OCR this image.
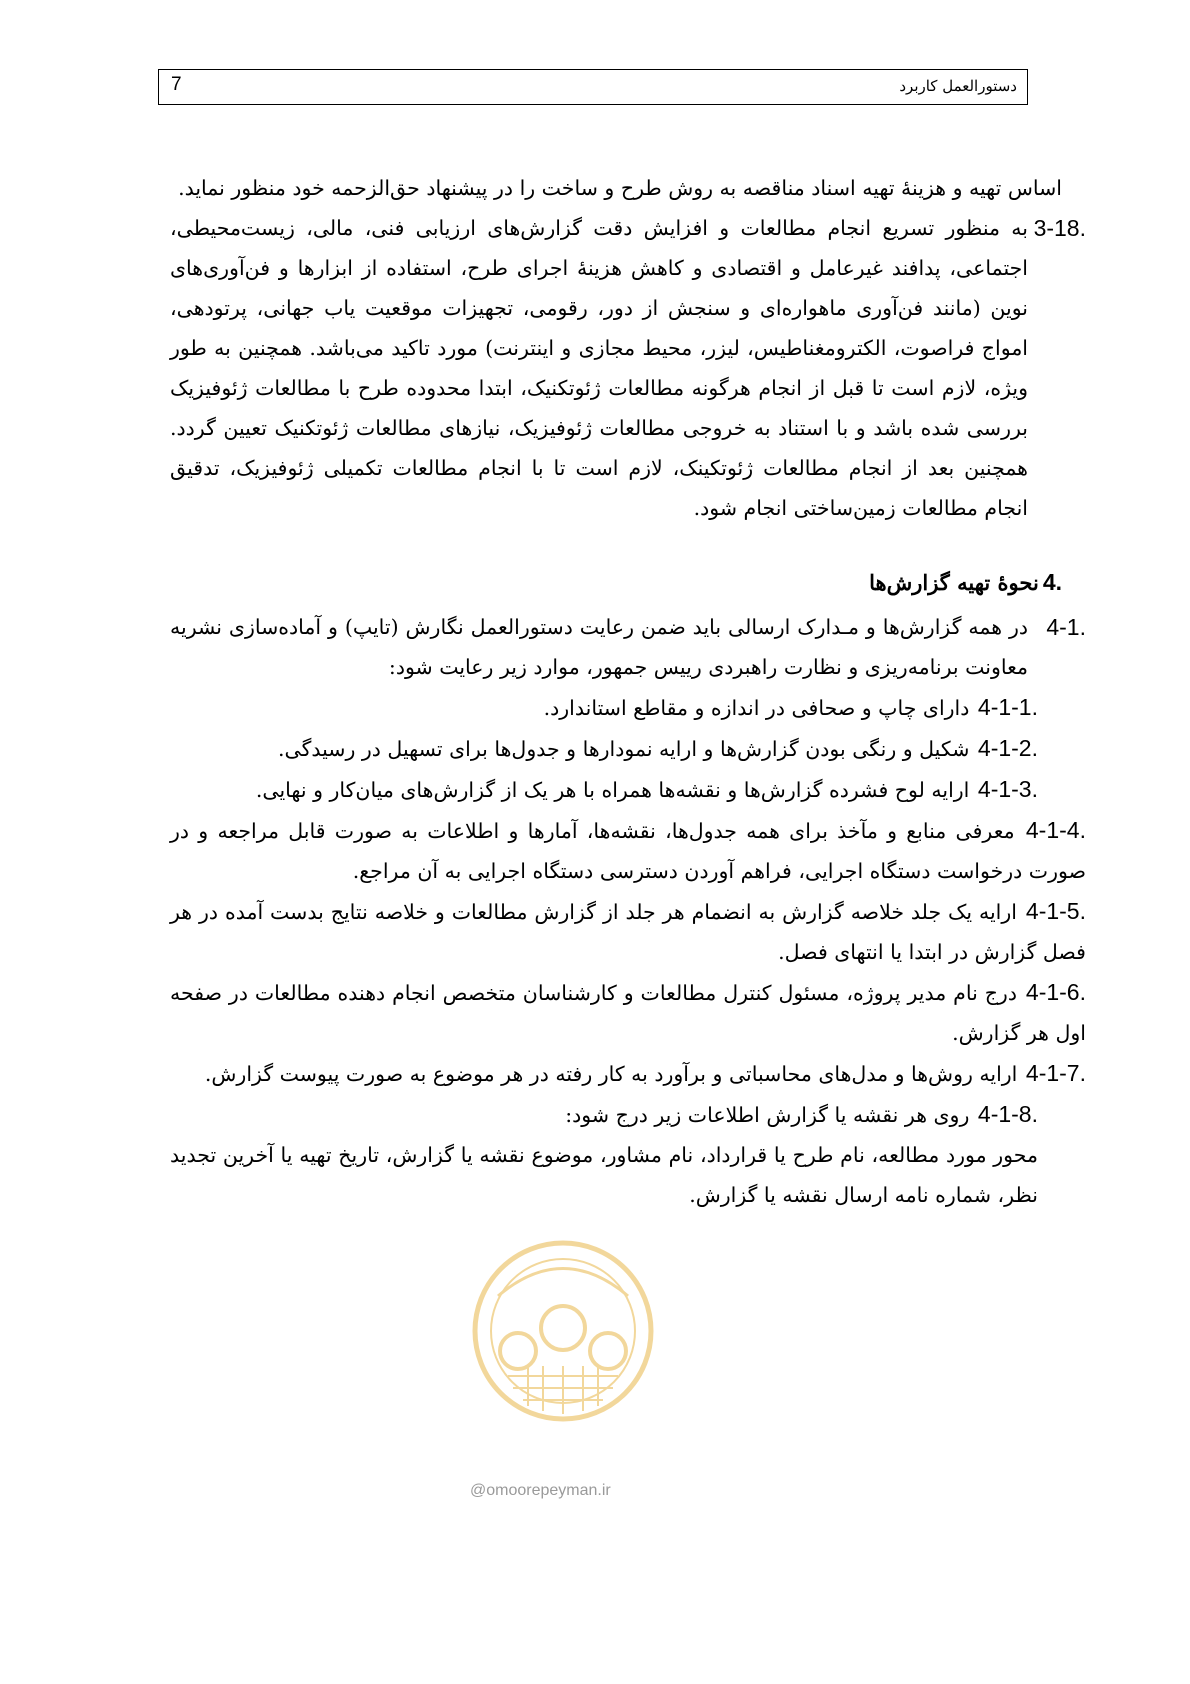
7	دستورالعمل کاربرد

اساس تهیه و هزینهٔ تهیه اسناد مناقصه به روش طرح و ساخت را در پیشنهاد حق‌الزحمه خود منظور نماید.

3-18.
به منظور تسریع انجام مطالعات و افزایش دقت گزارش‌های ارزیابی فنی، مالی، زیست‌محیطی، اجتماعی، پدافند غیرعامل و اقتصادی و کاهش هزینهٔ اجرای طرح، استفاده از ابزارها و فن‌آوری‌های نوین (مانند فن‌آوری ماهواره‌ای و سنجش از دور، رقومی، تجهیزات موقعیت یاب جهانی، پرتودهی، امواج فراصوت، الکترومغناطیس، لیزر، محیط مجازی و اینترنت) مورد تاکید می‌باشد. همچنین به طور ویژه، لازم است تا قبل از انجام هرگونه مطالعات ژئوتکنیک، ابتدا محدوده طرح با مطالعات ژئوفیزیک بررسی شده باشد و با استناد به خروجی مطالعات ژئوفیزیک، نیازهای مطالعات ژئوتکنیک تعیین گردد. همچنین بعد از انجام مطالعات ژئوتکینک، لازم است تا با انجام مطالعات تکمیلی ژئوفیزیک، تدقیق انجام مطالعات زمین‌ساختی انجام شود.

4.نحوهٔ تهیه گزارش‌ها

4-1.
در همه گزارش‌ها و مـدارک ارسالی باید ضمن رعایت دستورالعمل نگارش (تایپ) و آماده‌سازی نشریه معاونت برنامه‌ریزی و نظارت راهبردی رییس جمهور، موارد زیر رعایت شود:

4-1-1. دارای چاپ و صحافی در اندازه و مقاطع استاندارد.

4-1-2. شکیل و رنگی بودن گزارش‌ها و ارایه نمودارها و جدول‌ها برای تسهیل در رسیدگی.

4-1-3. ارایه لوح فشرده گزارش‌ها و نقشه‌ها همراه با هر یک از گزارش‌های میان‌کار و نهایی.

4-1-4. معرفی منابع و مآخذ برای همه جدول‌ها، نقشه‌ها، آمارها و اطلاعات به صورت قابل مراجعه و در صورت درخواست دستگاه اجرایی، فراهم آوردن دسترسی دستگاه اجرایی به آن مراجع.

4-1-5. ارایه یک جلد خلاصه گزارش به انضمام هر جلد از گزارش مطالعات و خلاصه نتایج بدست آمده در هر فصل گزارش در ابتدا یا انتهای فصل.

4-1-6. درج نام مدیر پروژه، مسئول کنترل مطالعات و کارشناسان متخصص انجام دهنده مطالعات در صفحه اول هر گزارش.

4-1-7. ارایه روش‌ها و مدل‌های محاسباتی و برآورد به کار رفته در هر موضوع به صورت پیوست گزارش.

4-1-8. روی هر نقشه یا گزارش اطلاعات زیر درج شود:

محور مورد مطالعه، نام طرح یا قرارداد، نام مشاور، موضوع نقشه یا گزارش، تاریخ تهیه یا آخرین تجدید نظر، شماره نامه ارسال نقشه یا گزارش.

@omoorepeyman.ir
